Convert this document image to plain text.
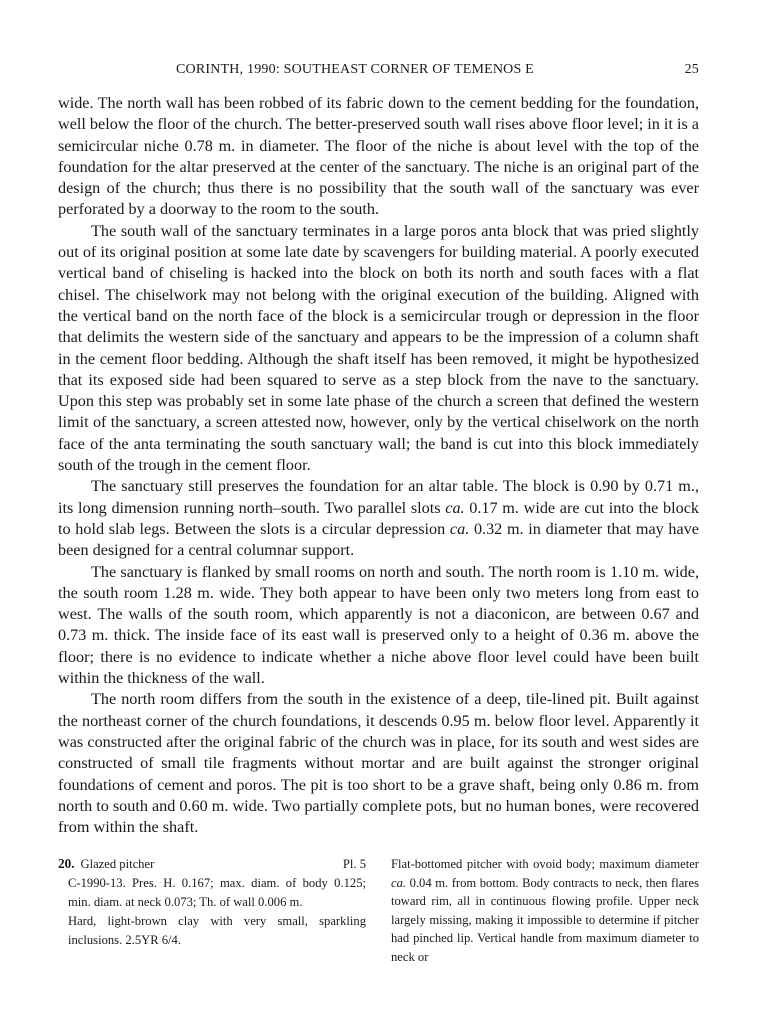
CORINTH, 1990: SOUTHEAST CORNER OF TEMENOS E	25

wide. The north wall has been robbed of its fabric down to the cement bedding for the foundation, well below the floor of the church. The better-preserved south wall rises above floor level; in it is a semicircular niche 0.78 m. in diameter. The floor of the niche is about level with the top of the foundation for the altar preserved at the center of the sanctuary. The niche is an original part of the design of the church; thus there is no possibility that the south wall of the sanctuary was ever perforated by a doorway to the room to the south.

The south wall of the sanctuary terminates in a large poros anta block that was pried slightly out of its original position at some late date by scavengers for building material. A poorly executed vertical band of chiseling is hacked into the block on both its north and south faces with a flat chisel. The chiselwork may not belong with the original execution of the building. Aligned with the vertical band on the north face of the block is a semicircular trough or depression in the floor that delimits the western side of the sanctuary and appears to be the impression of a column shaft in the cement floor bedding. Although the shaft itself has been removed, it might be hypothesized that its exposed side had been squared to serve as a step block from the nave to the sanctuary. Upon this step was probably set in some late phase of the church a screen that defined the western limit of the sanctuary, a screen attested now, however, only by the vertical chiselwork on the north face of the anta terminating the south sanctuary wall; the band is cut into this block immediately south of the trough in the cement floor.

The sanctuary still preserves the foundation for an altar table. The block is 0.90 by 0.71 m., its long dimension running north–south. Two parallel slots ca. 0.17 m. wide are cut into the block to hold slab legs. Between the slots is a circular depression ca. 0.32 m. in diameter that may have been designed for a central columnar support.

The sanctuary is flanked by small rooms on north and south. The north room is 1.10 m. wide, the south room 1.28 m. wide. They both appear to have been only two meters long from east to west. The walls of the south room, which apparently is not a diaconicon, are between 0.67 and 0.73 m. thick. The inside face of its east wall is preserved only to a height of 0.36 m. above the floor; there is no evidence to indicate whether a niche above floor level could have been built within the thickness of the wall.

The north room differs from the south in the existence of a deep, tile-lined pit. Built against the northeast corner of the church foundations, it descends 0.95 m. below floor level. Apparently it was constructed after the original fabric of the church was in place, for its south and west sides are constructed of small tile fragments without mortar and are built against the stronger original foundations of cement and poros. The pit is too short to be a grave shaft, being only 0.86 m. from north to south and 0.60 m. wide. Two partially complete pots, but no human bones, were recovered from within the shaft.

20. Glazed pitcher	Pl. 5

C-1990-13. Pres. H. 0.167; max. diam. of body 0.125; min. diam. at neck 0.073; Th. of wall 0.006 m.

Hard, light-brown clay with very small, sparkling inclusions. 2.5YR 6/4.

Flat-bottomed pitcher with ovoid body; maximum diameter ca. 0.04 m. from bottom. Body contracts to neck, then flares toward rim, all in continuous flowing profile. Upper neck largely missing, making it impossible to determine if pitcher had pinched lip. Vertical handle from maximum diameter to neck or
